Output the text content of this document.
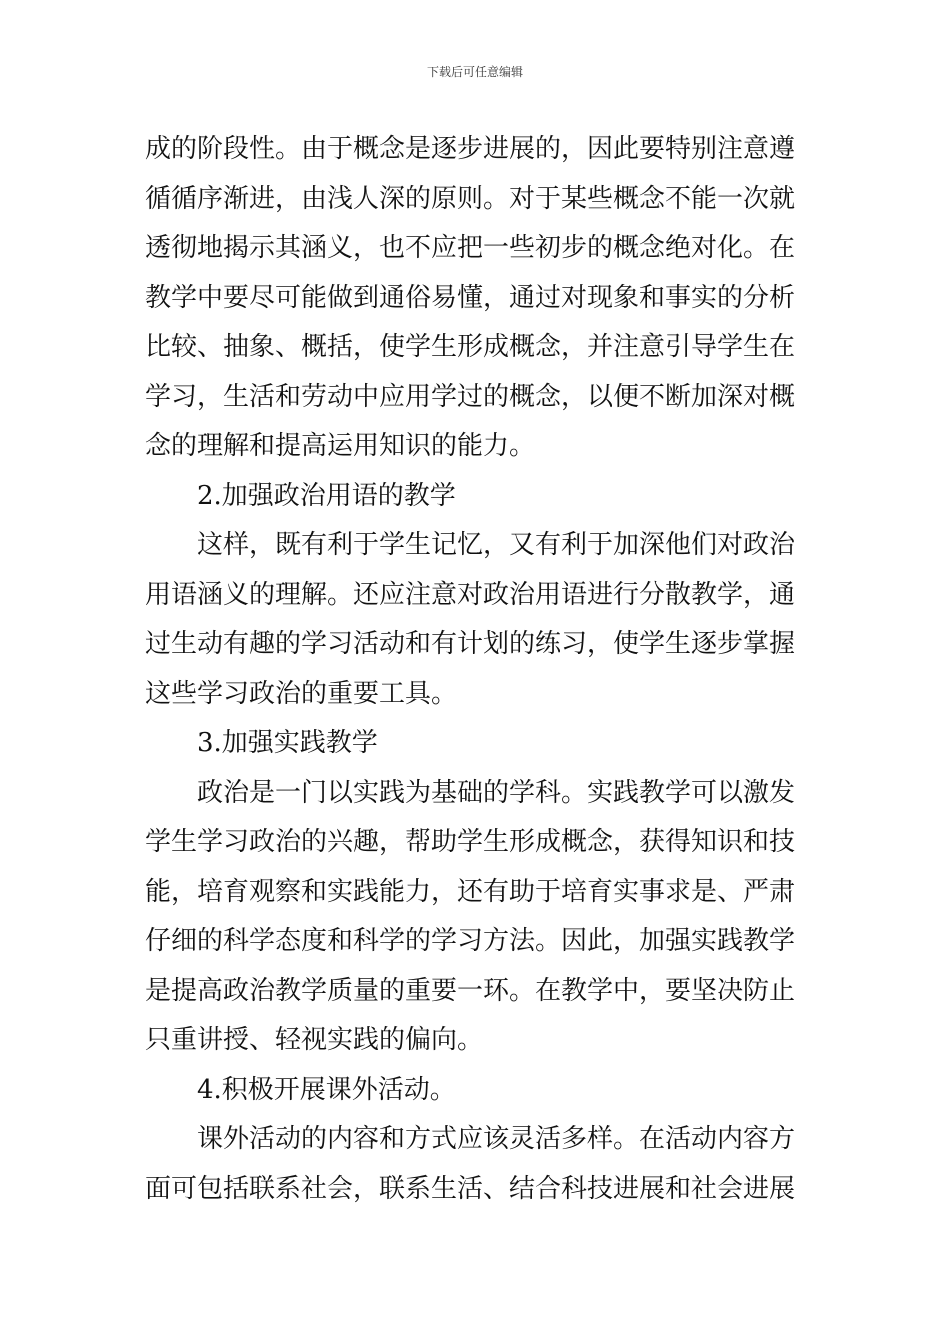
下载后可任意编辑
成的阶段性。由于概念是逐步进展的，因此要特别注意遵
循循序渐进，由浅人深的原则。对于某些概念不能一次就
透彻地揭示其涵义，也不应把一些初步的概念绝对化。在
教学中要尽可能做到通俗易懂，通过对现象和事实的分析
比较、抽象、概括，使学生形成概念，并注意引导学生在
学习，生活和劳动中应用学过的概念，以便不断加深对概
念的理解和提高运用知识的能力。
2.加强政治用语的教学
这样，既有利于学生记忆，又有利于加深他们对政治
用语涵义的理解。还应注意对政治用语进行分散教学，通
过生动有趣的学习活动和有计划的练习，使学生逐步掌握
这些学习政治的重要工具。
3.加强实践教学
政治是一门以实践为基础的学科。实践教学可以激发
学生学习政治的兴趣，帮助学生形成概念，获得知识和技
能，培育观察和实践能力，还有助于培育实事求是、严肃
仔细的科学态度和科学的学习方法。因此，加强实践教学
是提高政治教学质量的重要一环。在教学中，要坚决防止
只重讲授、轻视实践的偏向。
4.积极开展课外活动。
课外活动的内容和方式应该灵活多样。在活动内容方
面可包括联系社会，联系生活、结合科技进展和社会进展
